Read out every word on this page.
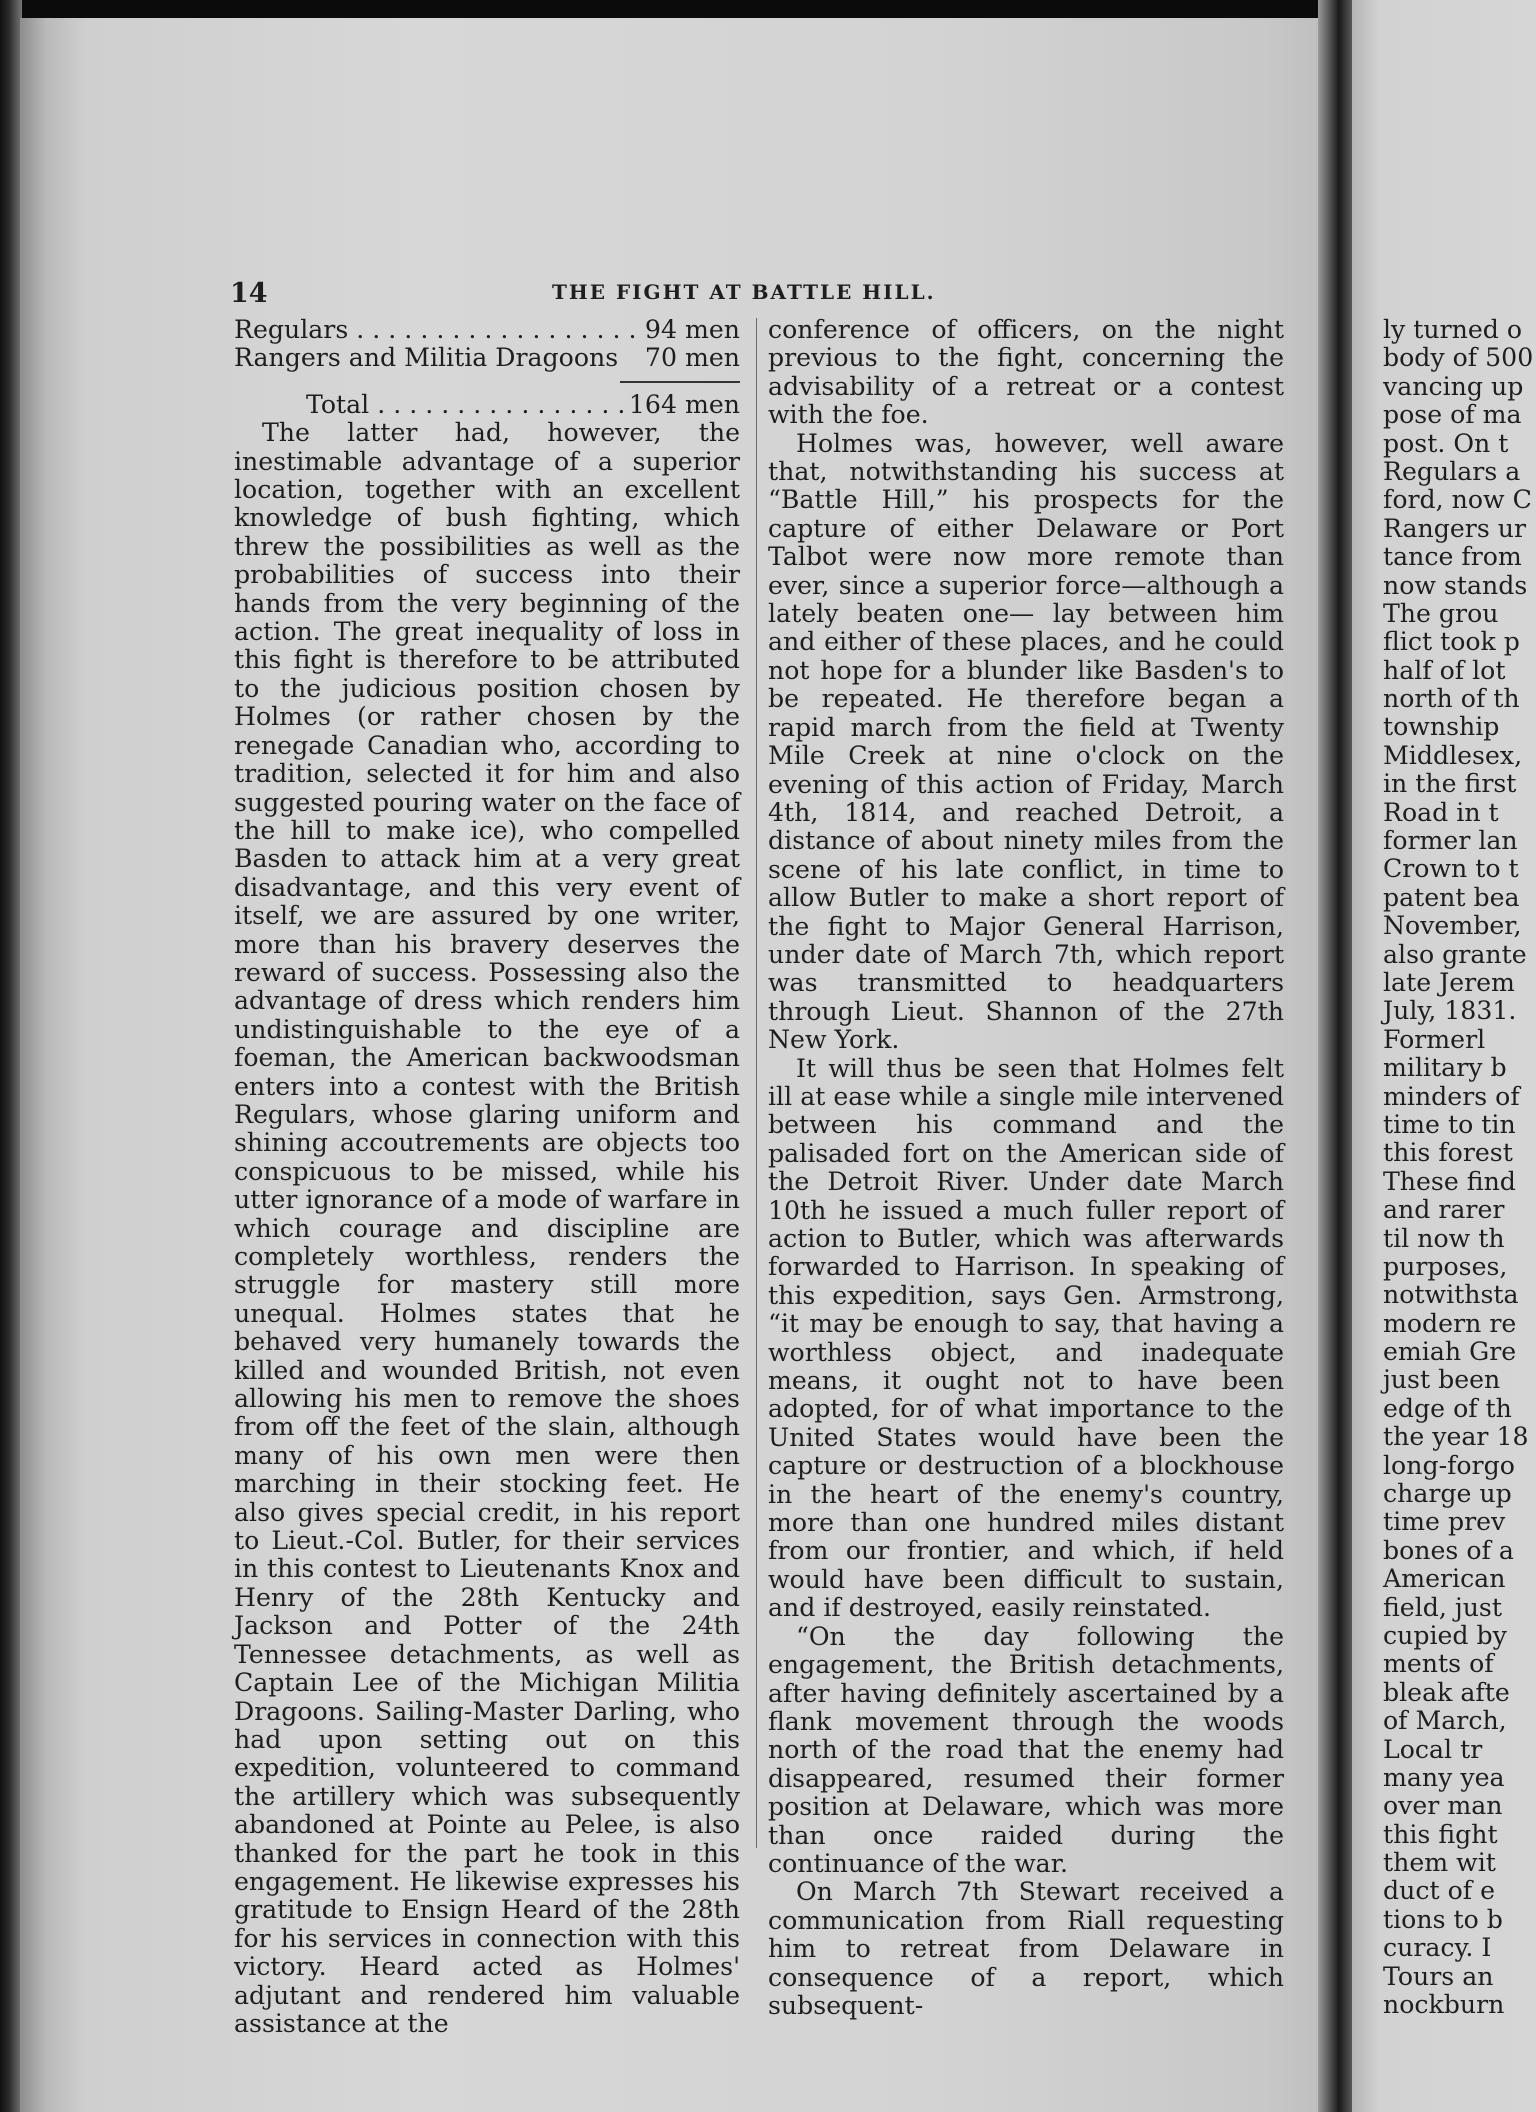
14	THE FIGHT AT BATTLE HILL.
Regulars . . .	94 men
Rangers and Militia Dragoons	70 men
Total . . .	164 men

The latter had, however, the inestimable advantage of a superior location, together with an excellent knowledge of bush fighting, which threw the possibilities as well as the probabilities of success into their hands from the very beginning of the action. The great inequality of loss in this fight is therefore to be attributed to the judicious position chosen by Holmes (or rather chosen by the renegade Canadian who, according to tradition, selected it for him and also suggested pouring water on the face of the hill to make ice), who compelled Basden to attack him at a very great disadvantage, and this very event of itself, we are assured by one writer, more than his bravery deserves the reward of success. Possessing also the advantage of dress which renders him undistinguishable to the eye of a foeman, the American backwoodsman enters into a contest with the British Regulars, whose glaring uniform and shining accoutrements are objects too conspicuous to be missed, while his utter ignorance of a mode of warfare in which courage and discipline are completely worthless, renders the struggle for mastery still more unequal. Holmes states that he behaved very humanely towards the killed and wounded British, not even allowing his men to remove the shoes from off the feet of the slain, although many of his own men were then marching in their stocking feet. He also gives special credit, in his report to Lieut.-Col. Butler, for their services in this contest to Lieutenants Knox and Henry of the 28th Kentucky and Jackson and Potter of the 24th Tennessee detachments, as well as Captain Lee of the Michigan Militia Dragoons. Sailing-Master Darling, who had upon setting out on this expedition, volunteered to command the artillery which was subsequently abandoned at Pointe au Pelee, is also thanked for the part he took in this engagement. He likewise expresses his gratitude to Ensign Heard of the 28th for his services in connection with this victory. Heard acted as Holmes' adjutant and rendered him valuable assistance at the

conference of officers, on the night previous to the fight, concerning the advisability of a retreat or a contest with the foe.

Holmes was, however, well aware that, notwithstanding his success at “Battle Hill,” his prospects for the capture of either Delaware or Port Talbot were now more remote than ever, since a superior force—although a lately beaten one— lay between him and either of these places, and he could not hope for a blunder like Basden's to be repeated. He therefore began a rapid march from the field at Twenty Mile Creek at nine o'clock on the evening of this action of Friday, March 4th, 1814, and reached Detroit, a distance of about ninety miles from the scene of his late conflict, in time to allow Butler to make a short report of the fight to Major General Harrison, under date of March 7th, which report was transmitted to headquarters through Lieut. Shannon of the 27th New York.

It will thus be seen that Holmes felt ill at ease while a single mile intervened between his command and the palisaded fort on the American side of the Detroit River. Under date March 10th he issued a much fuller report of action to Butler, which was afterwards forwarded to Harrison. In speaking of this expedition, says Gen. Armstrong, “it may be enough to say, that having a worthless object, and inadequate means, it ought not to have been adopted, for of what importance to the United States would have been the capture or destruction of a blockhouse in the heart of the enemy's country, more than one hundred miles distant from our frontier, and which, if held would have been difficult to sustain, and if destroyed, easily reinstated.

“On the day following the engagement, the British detachments, after having definitely ascertained by a flank movement through the woods north of the road that the enemy had disappeared, resumed their former position at Delaware, which was more than once raided during the continuance of the war.

On March 7th Stewart received a communication from Riall requesting him to retreat from Delaware in consequence of a report, which subsequent-

ly turned o
body of 500
vancing up
pose of ma
post. On t
Regulars a
ford, now C
Rangers ur
tance from
now stands
The grou
flict took p
half of lot
north of th
township
Middlesex,
in the first
Road in t
former lan
Crown to t
patent bea
November,
also grante
late Jerem
July, 1831.
Formerl
military b
minders of
time to tin
this forest
These find
and rarer
til now th
purposes,
notwithsta
modern re
emiah Gre
just been
edge of th
the year 18
long-forgo
charge up
time prev
bones of a
American
field, just
cupied by
ments of
bleak afte
of March,
Local tr
many yea
over man
this fight
them wit
duct of e
tions to b
curacy. I
Tours an
nockburn
